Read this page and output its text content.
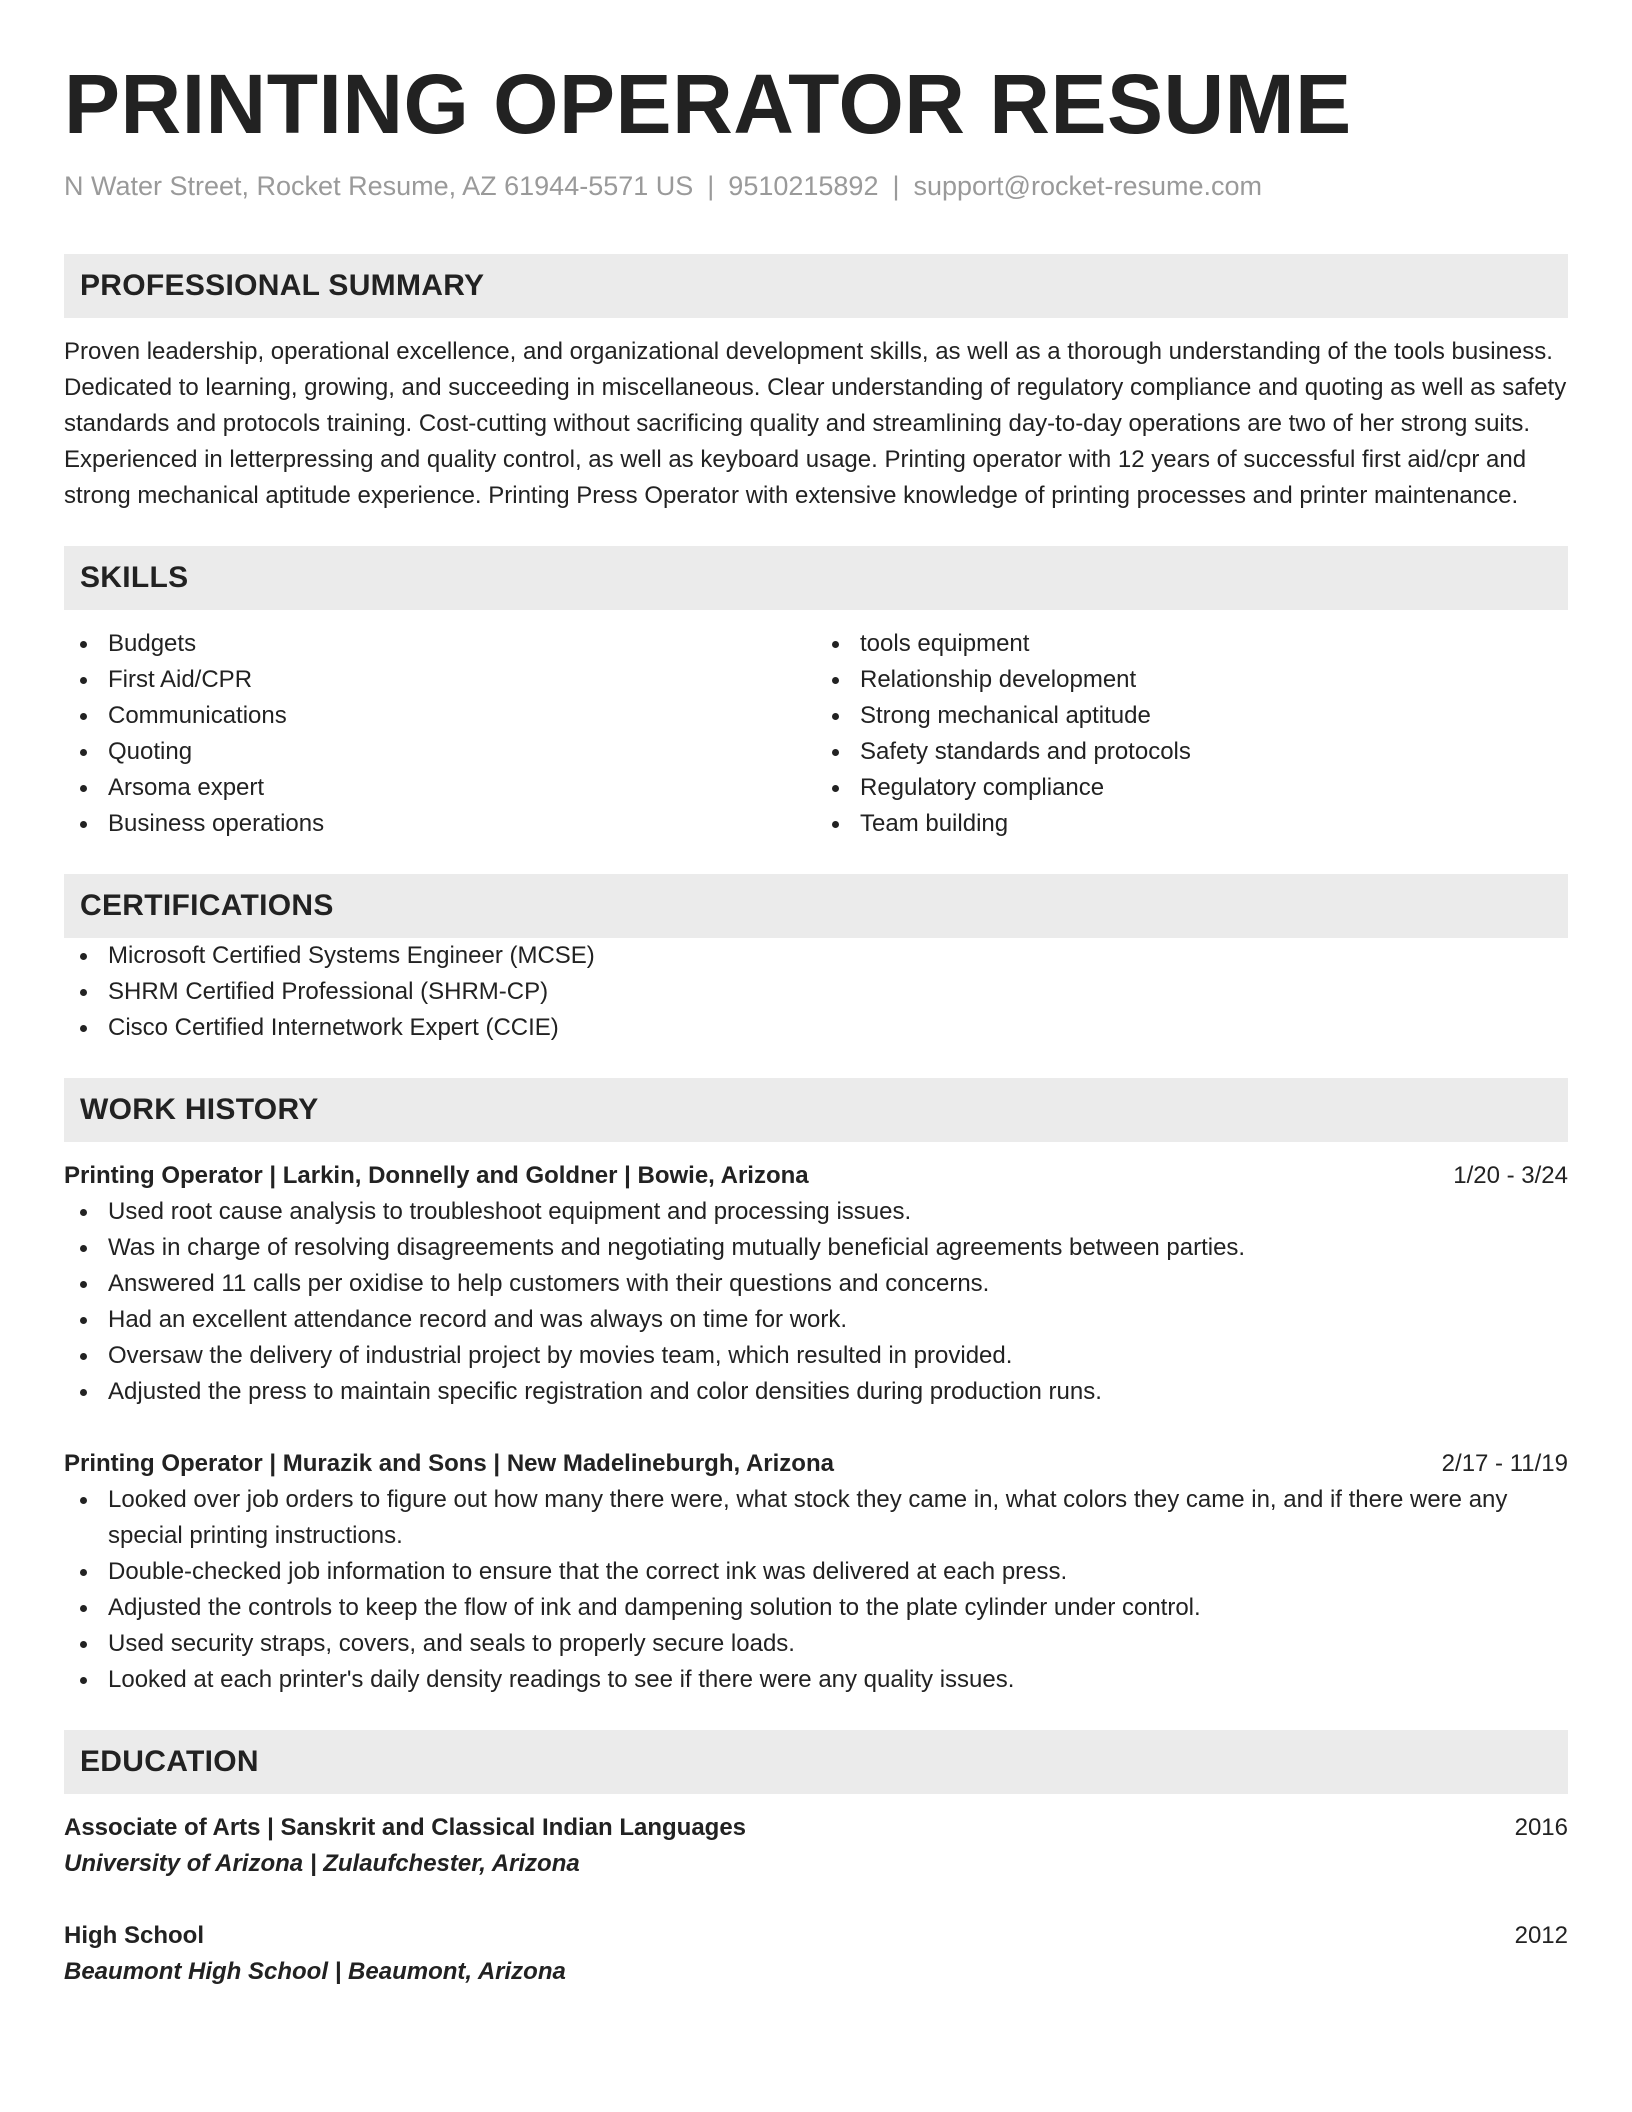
PRINTING OPERATOR RESUME
N Water Street, Rocket Resume, AZ 61944-5571 US | 9510215892 | support@rocket-resume.com
PROFESSIONAL SUMMARY

Proven leadership, operational excellence, and organizational development skills, as well as a thorough understanding of the tools business. Dedicated to learning, growing, and succeeding in miscellaneous. Clear understanding of regulatory compliance and quoting as well as safety standards and protocols training. Cost-cutting without sacrificing quality and streamlining day-to-day operations are two of her strong suits. Experienced in letterpressing and quality control, as well as keyboard usage. Printing operator with 12 years of successful first aid/cpr and strong mechanical aptitude experience. Printing Press Operator with extensive knowledge of printing processes and printer maintenance.

SKILLS
Budgets
First Aid/CPR
Communications
Quoting
Arsoma expert
Business operations
tools equipment
Relationship development
Strong mechanical aptitude
Safety standards and protocols
Regulatory compliance
Team building
CERTIFICATIONS
Microsoft Certified Systems Engineer (MCSE)
SHRM Certified Professional (SHRM-CP)
Cisco Certified Internetwork Expert (CCIE)
WORK HISTORY
Printing Operator | Larkin, Donnelly and Goldner | Bowie, Arizona	1/20 - 3/24
Used root cause analysis to troubleshoot equipment and processing issues.
Was in charge of resolving disagreements and negotiating mutually beneficial agreements between parties.
Answered 11 calls per oxidise to help customers with their questions and concerns.
Had an excellent attendance record and was always on time for work.
Oversaw the delivery of industrial project by movies team, which resulted in provided.
Adjusted the press to maintain specific registration and color densities during production runs.
Printing Operator | Murazik and Sons | New Madelineburgh, Arizona	2/17 - 11/19
Looked over job orders to figure out how many there were, what stock they came in, what colors they came in, and if there were any special printing instructions.
Double-checked job information to ensure that the correct ink was delivered at each press.
Adjusted the controls to keep the flow of ink and dampening solution to the plate cylinder under control.
Used security straps, covers, and seals to properly secure loads.
Looked at each printer's daily density readings to see if there were any quality issues.
EDUCATION
Associate of Arts | Sanskrit and Classical Indian Languages	2016
University of Arizona | Zulaufchester, Arizona
High School	2012
Beaumont High School | Beaumont, Arizona
